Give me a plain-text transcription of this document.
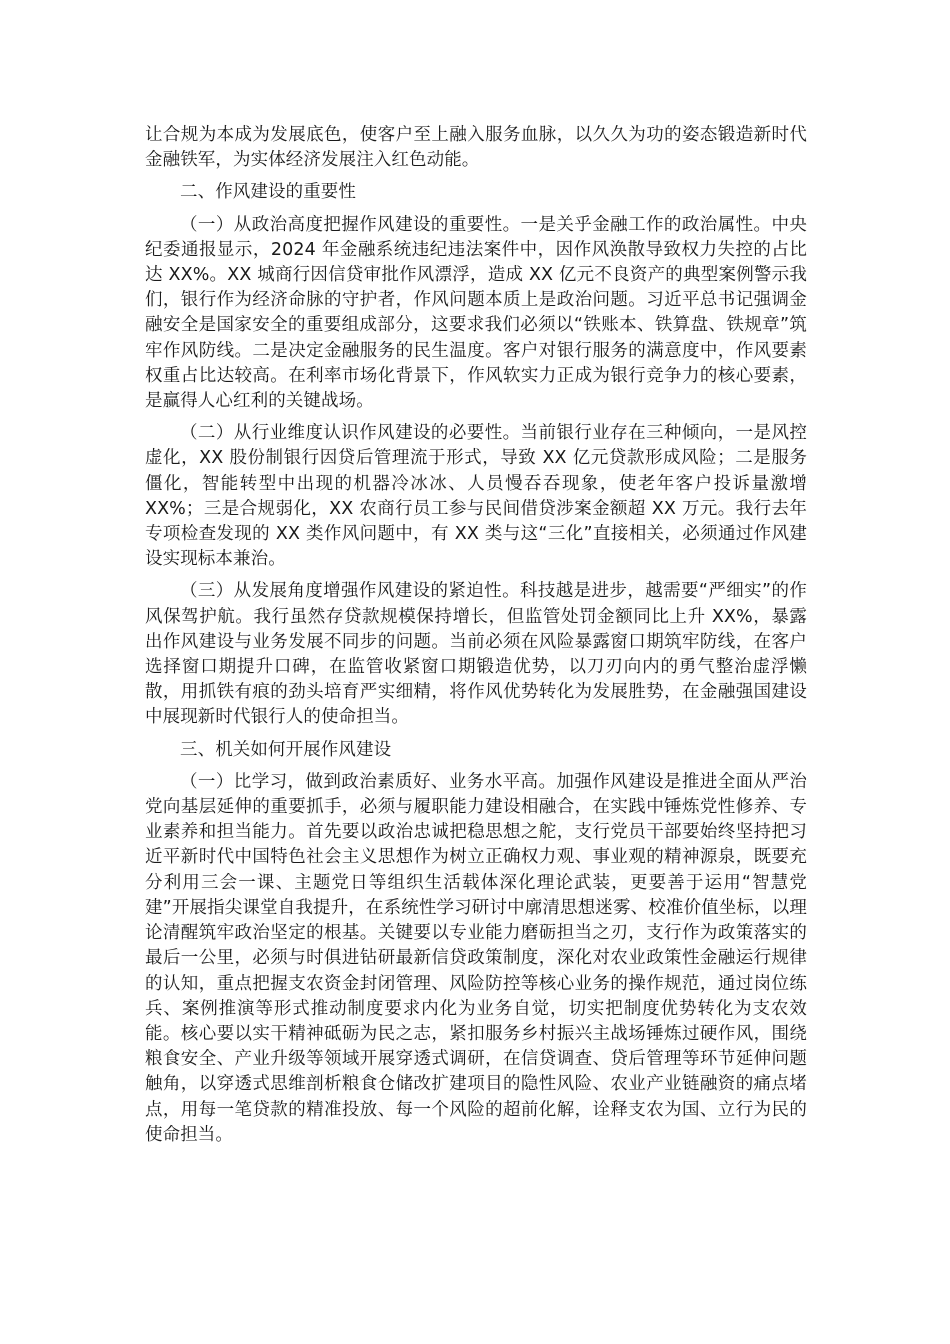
让合规为本成为发展底色，使客户至上融入服务血脉，以久久为功的姿态锻造新时代金融铁军，为实体经济发展注入红色动能。

二、作风建设的重要性

（一）从政治高度把握作风建设的重要性。一是关乎金融工作的政治属性。中央纪委通报显示，2024 年金融系统违纪违法案件中，因作风涣散导致权力失控的占比达 XX%。XX 城商行因信贷审批作风漂浮，造成 XX 亿元不良资产的典型案例警示我们，银行作为经济命脉的守护者，作风问题本质上是政治问题。习近平总书记强调金融安全是国家安全的重要组成部分，这要求我们必须以“铁账本、铁算盘、铁规章”筑牢作风防线。二是决定金融服务的民生温度。客户对银行服务的满意度中，作风要素权重占比达较高。在利率市场化背景下，作风软实力正成为银行竞争力的核心要素，是赢得人心红利的关键战场。

（二）从行业维度认识作风建设的必要性。当前银行业存在三种倾向，一是风控虚化，XX 股份制银行因贷后管理流于形式，导致 XX 亿元贷款形成风险；二是服务僵化，智能转型中出现的机器冷冰冰、人员慢吞吞现象，使老年客户投诉量激增 XX%；三是合规弱化，XX 农商行员工参与民间借贷涉案金额超 XX 万元。我行去年专项检查发现的 XX 类作风问题中，有 XX 类与这“三化”直接相关，必须通过作风建设实现标本兼治。

（三）从发展角度增强作风建设的紧迫性。科技越是进步，越需要“严细实”的作风保驾护航。我行虽然存贷款规模保持增长，但监管处罚金额同比上升 XX%，暴露出作风建设与业务发展不同步的问题。当前必须在风险暴露窗口期筑牢防线，在客户选择窗口期提升口碑，在监管收紧窗口期锻造优势，以刀刃向内的勇气整治虚浮懒散，用抓铁有痕的劲头培育严实细精，将作风优势转化为发展胜势，在金融强国建设中展现新时代银行人的使命担当。

三、机关如何开展作风建设

（一）比学习，做到政治素质好、业务水平高。加强作风建设是推进全面从严治党向基层延伸的重要抓手，必须与履职能力建设相融合，在实践中锤炼党性修养、专业素养和担当能力。首先要以政治忠诚把稳思想之舵，支行党员干部要始终坚持把习近平新时代中国特色社会主义思想作为树立正确权力观、事业观的精神源泉，既要充分利用三会一课、主题党日等组织生活载体深化理论武装，更要善于运用“智慧党建”开展指尖课堂自我提升，在系统性学习研讨中廓清思想迷雾、校准价值坐标，以理论清醒筑牢政治坚定的根基。关键要以专业能力磨砺担当之刃，支行作为政策落实的最后一公里，必须与时俱进钻研最新信贷政策制度，深化对农业政策性金融运行规律的认知，重点把握支农资金封闭管理、风险防控等核心业务的操作规范，通过岗位练兵、案例推演等形式推动制度要求内化为业务自觉，切实把制度优势转化为支农效能。核心要以实干精神砥砺为民之志，紧扣服务乡村振兴主战场锤炼过硬作风，围绕粮食安全、产业升级等领域开展穿透式调研，在信贷调查、贷后管理等环节延伸问题触角，以穿透式思维剖析粮食仓储改扩建项目的隐性风险、农业产业链融资的痛点堵点，用每一笔贷款的精准投放、每一个风险的超前化解，诠释支农为国、立行为民的使命担当。
